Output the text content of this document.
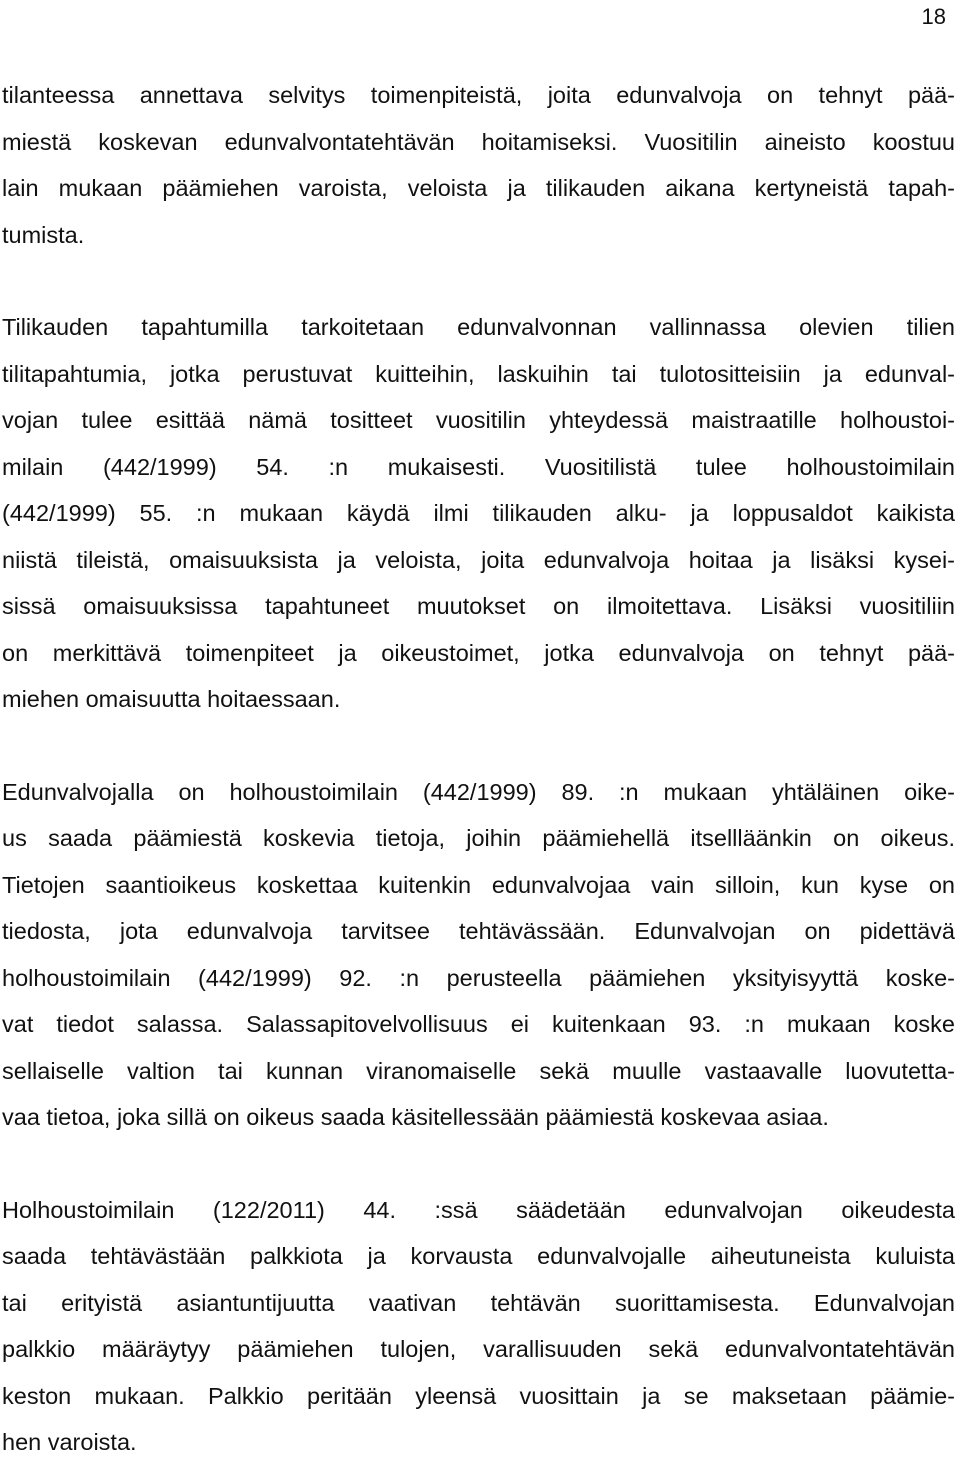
18

tilanteessa annettava selvitys toimenpiteistä, joita edunvalvoja on tehnyt pää-
miestä koskevan edunvalvontatehtävän hoitamiseksi. Vuositilin aineisto koostuu
lain mukaan päämiehen varoista, veloista ja tilikauden aikana kertyneistä tapah-
tumista.

Tilikauden tapahtumilla tarkoitetaan edunvalvonnan vallinnassa olevien tilien
tilitapahtumia, jotka perustuvat kuitteihin, laskuihin tai tulotositteisiin ja edunval-
vojan tulee esittää nämä tositteet vuositilin yhteydessä maistraatille holhoustoi-
milain (442/1999) 54. :n mukaisesti. Vuositilistä tulee holhoustoimilain
(442/1999) 55. :n mukaan käydä ilmi tilikauden alku- ja loppusaldot kaikista
niistä tileistä, omaisuuksista ja veloista, joita edunvalvoja hoitaa ja lisäksi kysei-
sissä omaisuuksissa tapahtuneet muutokset on ilmoitettava. Lisäksi vuositiliin
on merkittävä toimenpiteet ja oikeustoimet, jotka edunvalvoja on tehnyt pää-
miehen omaisuutta hoitaessaan.

Edunvalvojalla on holhoustoimilain (442/1999) 89. :n mukaan yhtäläinen oike-
us saada päämiestä koskevia tietoja, joihin päämiehellä itsellläänkin on oikeus.
Tietojen saantioikeus koskettaa kuitenkin edunvalvojaa vain silloin, kun kyse on
tiedosta, jota edunvalvoja tarvitsee tehtävässään. Edunvalvojan on pidettävä
holhoustoimilain (442/1999) 92. :n perusteella päämiehen yksityisyyttä koske-
vat tiedot salassa. Salassapitovelvollisuus ei kuitenkaan 93. :n mukaan koske
sellaiselle valtion tai kunnan viranomaiselle sekä muulle vastaavalle luovutetta-
vaa tietoa, joka sillä on oikeus saada käsitellessään päämiestä koskevaa asiaa.

Holhoustoimilain (122/2011) 44. :ssä säädetään edunvalvojan oikeudesta
saada tehtävästään palkkiota ja korvausta edunvalvojalle aiheutuneista kuluista
tai erityistä asiantuntijuutta vaativan tehtävän suorittamisesta. Edunvalvojan
palkkio määräytyy päämiehen tulojen, varallisuuden sekä edunvalvontatehtävän
keston mukaan. Palkkio peritään yleensä vuosittain ja se maksetaan päämie-
hen varoista.
